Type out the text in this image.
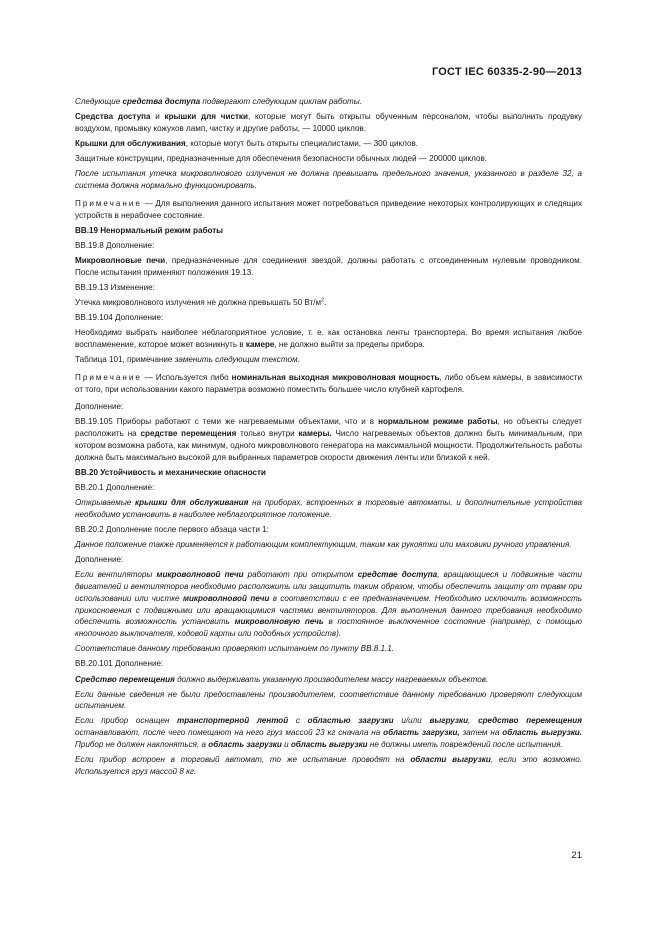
ГОСТ IEC 60335-2-90—2013

Следующие средства доступа подвергают следующим циклам работы.

Средства доступа и крышки для чистки, которые могут быть открыты обученным персоналом, чтобы выполнить продувку воздухом, промывку кожухов ламп, чистку и другие работы, — 10000 циклов.

Крышки для обслуживания, которые могут быть открыты специалистами, — 300 циклов.

Защитные конструкции, предназначенные для обеспечения безопасности обычных людей — 200000 циклов.

После испытания утечка микроволнового излучения не должна превышать предельного значения, указанного в разделе 32, а система должна нормально функционировать.

Примечание — Для выполнения данного испытания может потребоваться приведение некоторых контролирующих и следящих устройств в нерабочее состояние.

ВВ.19 Ненормальный режим работы

ВВ.19.8 Дополнение:

Микроволновые печи, предназначенные для соединения звездой, должны работать с отсоединенным нулевым проводником. После испытания применяют положения 19.13.

ВВ.19.13 Изменение:

Утечка микроволнового излучения не должна превышать 50 $Вт/м^2$.

ВВ.19.104 Дополнение:

Необходимо выбрать наиболее неблагоприятное условие, т. е. как остановка ленты транспортера. Во время испытания любое воспламенение, которое может возникнуть в камере, не должно выйти за пределы прибора.

Таблица 101, примечание заменить следующим текстом.

Примечание — Используется либо номинальная выходная микроволновая мощность, либо объем камеры, в зависимости от того, при использовании какого параметра возможно поместить большее число клубней картофеля.

Дополнение:

ВВ.19.105 Приборы работают с теми же нагреваемыми объектами, что и в нормальном режиме работы, но объекты следует расположить на средстве перемещения только внутри камеры. Число нагреваемых объектов должно быть минимальным, при котором возможна работа, как минимум, одного микроволнового генератора на максимальной мощности. Продолжительность работы должна быть максимально высокой для выбранных параметров скорости движения ленты или близкой к ней.

ВВ.20 Устойчивость и механические опасности

ВВ.20.1 Дополнение:

Открываемые крышки для обслуживания на приборах, встроенных в торговые автоматы, и дополнительные устройства необходимо установить в наиболее неблагоприятное положение.

ВВ.20.2 Дополнение после первого абзаца части 1:

Данное положение также применяется к работающим комплектующим, таким как рукоятки или маховики ручного управления.

Дополнение:

Если вентиляторы микроволновой печи работают при открытом средстве доступа, вращающиеся и подвижные части двигателей и вентиляторов необходимо расположить или защитить таким образом, чтобы обеспечить защиту от травм при использовании или чистке микроволновой печи в соответствии с ее предназначением. Необходимо исключить возможность прикосновения с подвижными или вращающимися частями вентиляторов. Для выполнения данного требования необходимо обеспечить возможность установить микроволновую печь в постоянное выключенное состояние (например, с помощью кнопочного выключателя, кодовой карты или подобных устройств).

Соответствие данному требованию проверяют испытанием по пункту ВВ.8.1.1.

ВВ.20.101 Дополнение:

Средство перемещения должно выдерживать указанную производителем массу нагреваемых объектов.

Если данные сведения не были предоставлены производителем, соответствие данному требованию проверяют следующим испытанием.

Если прибор оснащен транспортерной лентой с областью загрузки и/или выгрузки, средство перемещения останавливают, после чего помещают на него груз массой 23 кг сначала на область загрузки, затем на область выгрузки. Прибор не должен наклоняться, а область загрузки и область выгрузки не должны иметь повреждений после испытания.

Если прибор встроен в торговый автомат, то же испытание проводят на области выгрузки, если это возможно. Используется груз массой 8 кг.

21
